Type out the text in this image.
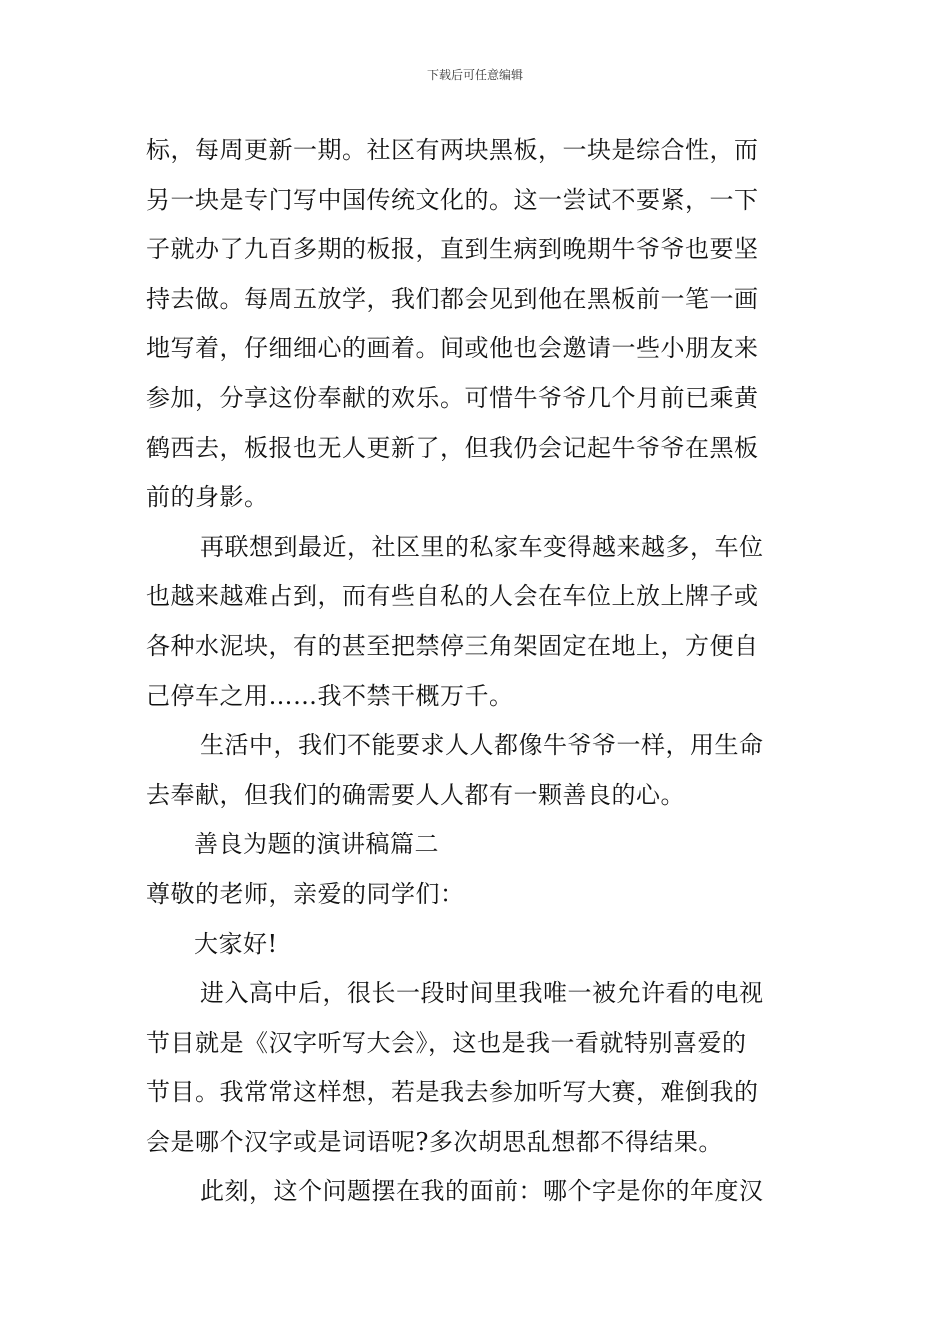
下载后可任意编辑
标，每周更新一期。社区有两块黑板，一块是综合性，而
另一块是专门写中国传统文化的。这一尝试不要紧，一下
子就办了九百多期的板报，直到生病到晚期牛爷爷也要坚
持去做。每周五放学，我们都会见到他在黑板前一笔一画
地写着，仔细细心的画着。间或他也会邀请一些小朋友来
参加，分享这份奉献的欢乐。可惜牛爷爷几个月前已乘黄
鹤西去，板报也无人更新了，但我仍会记起牛爷爷在黑板
前的身影。
再联想到最近，社区里的私家车变得越来越多，车位
也越来越难占到，而有些自私的人会在车位上放上牌子或
各种水泥块，有的甚至把禁停三角架固定在地上，方便自
己停车之用……我不禁干概万千。
生活中，我们不能要求人人都像牛爷爷一样，用生命
去奉献，但我们的确需要人人都有一颗善良的心。
善良为题的演讲稿篇二
尊敬的老师，亲爱的同学们：
大家好!
进入高中后，很长一段时间里我唯一被允许看的电视
节目就是《汉字听写大会》，这也是我一看就特别喜爱的
节目。我常常这样想，若是我去参加听写大赛，难倒我的
会是哪个汉字或是词语呢?多次胡思乱想都不得结果。
此刻，这个问题摆在我的面前：哪个字是你的年度汉
